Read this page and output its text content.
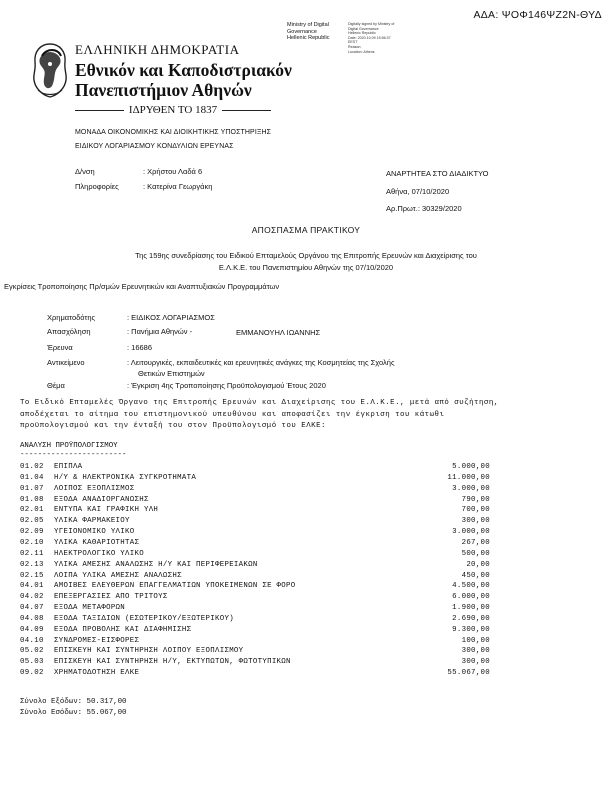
ΑΔΑ: ΨΟΦ146ΨΖ2Ν-ΘΥΔ
Ministry of Digital
Governance
Hellenic Republic
Digitally signed by Ministry of
Digital Governance
Hellenic Republic
Date: 2020.10.09 15:56:37
EEST
Reason:
Location: Athens
ΕΛΛΗΝΙΚΗ ΔΗΜΟΚΡΑΤΙΑ
Εθνικόν και Καποδιστριακόν
Πανεπιστήμιον Αθηνών
ΙΔΡΥΘΕΝ ΤΟ 1837
ΜΟΝΑΔΑ ΟΙΚΟΝΟΜΙΚΗΣ ΚΑΙ ΔΙΟΙΚΗΤΙΚΗΣ ΥΠΟΣΤΗΡΙΞΗΣ
ΕΙΔΙΚΟΥ ΛΟΓΑΡΙΑΣΜΟΥ ΚΟΝΔΥΛΙΩΝ ΕΡΕΥΝΑΣ
Δ/νση	: Χρήστου Λαδά 6
Πληροφορίες	: Κατερίνα Γεωργάκη
ΑΝΑΡΤΗΤΕΑ ΣΤΟ ΔΙΑΔΙΚΤΥΟ
Αθήνα, 07/10/2020
Αρ.Πρωτ.: 30329/2020
ΑΠΟΣΠΑΣΜΑ ΠΡΑΚΤΙΚΟΥ
Της 159ης συνεδρίασης του Ειδικού Επταμελούς Οργάνου της Επιτροπής Ερευνών και Διαχείρισης του
Ε.Λ.Κ.Ε. του Πανεπιστημίου Αθηνών της 07/10/2020
Εγκρίσεις Τροποποίησης Πρ/σμών Ερευνητικών και Αναπτυξιακών Προγραμμάτων
Χρηματοδότης	: ΕΙΔΙΚΟΣ ΛΟΓΑΡΙΑΣΜΟΣ
Απασχόληση	: Πανήμια Αθηνών -	ΕΜΜΑΝΟΥΗΛ ΙΩΑΝΝΗΣ
Έρευνα	: 16686
Αντικείμενο	: Λειτουργικές, εκπαιδευτικές και ερευνητικές ανάγκες της Κοσμητείας της Σχολής
Θετικών Επιστημών
Θέμα	: Έγκριση 4ης Τροποποίησης Προϋπολογισμού Έτους 2020
Το Ειδικό Επταμελές Όργανο της Επιτροπής Ερευνών και Διαχείρισης του Ε.Λ.Κ.Ε., μετά από συζήτηση, αποδέχεται το αίτημα του επιστημονικού υπευθύνου και αποφασίζει την έγκριση του κάτωθι προϋπολογισμού και την ένταξή του στον Προϋπολογισμό του ΕΛΚΕ:
ΑΝΑΛΥΣΗ ΠΡΟΫΠΟΛΟΓΙΣΜΟΥ
------------------------
01.02 ΕΠΙΠΛΑ	5.000,00
01.04 Η/Υ & ΗΛΕΚΤΡΟΝΙΚΑ ΣΥΓΚΡΟΤΗΜΑΤΑ	11.000,00
01.07 ΛΟΙΠΟΣ ΕΞΟΠΛΙΣΜΟΣ	3.000,00
01.08 ΕΞΟΔΑ ΑΝΑΔΙΟΡΓΑΝΩΣΗΣ	790,00
02.01 ΕΝΤΥΠΑ ΚΑΙ ΓΡΑΦΙΚΗ ΥΛΗ	700,00
02.05 ΥΛΙΚΑ ΦΑΡΜΑΚΕΙΟΥ	300,00
02.09 ΥΓΕΙΟΝΟΜΙΚΟ ΥΛΙΚΟ	3.000,00
02.10 ΥΛΙΚΑ ΚΑΘΑΡΙΟΤΗΤΑΣ	267,00
02.11 ΗΛΕΚΤΡΟΛΟΓΙΚΟ ΥΛΙΚΟ	500,00
02.13 ΥΛΙΚΑ ΑΜΕΣΗΣ ΑΝΑΛΩΣΗΣ Η/Υ ΚΑΙ ΠΕΡΙΦΕΡΕΙΑΚΩΝ	20,00
02.15 ΛΟΙΠΑ ΥΛΙΚΑ ΑΜΕΣΗΣ ΑΝΑΛΩΣΗΣ	450,00
04.01 ΑΜΟΙΒΕΣ ΕΛΕΥΘΕΡΩΝ ΕΠΑΓΓΕΛΜΑΤΙΩΝ ΥΠΟΚΕΙΜΕΝΩΝ ΣΕ ΦΟΡΟ	4.500,00
04.02 ΕΠΕΞΕΡΓΑΣΙΕΣ ΑΠΟ ΤΡΙΤΟΥΣ	6.000,00
04.07 ΕΞΟΔΑ ΜΕΤΑΦΟΡΩΝ	1.900,00
04.08 ΕΞΟΔΑ ΤΑΞΙΔΙΩΝ (ΕΣΩΤΕΡΙΚΟΥ/ΕΞΩΤΕΡΙΚΟΥ)	2.690,00
04.09 ΕΞΟΔΑ ΠΡΟΒΟΛΗΣ ΚΑΙ ΔΙΑΦΗΜΙΣΗΣ	9.300,00
04.10 ΣΥΝΔΡΟΜΕΣ-ΕΙΣΦΟΡΕΣ	100,00
05.02 ΕΠΙΣΚΕΥΗ ΚΑΙ ΣΥΝΤΗΡΗΣΗ ΛΟΙΠΟΥ ΕΞΟΠΛΙΣΜΟΥ	300,00
05.03 ΕΠΙΣΚΕΥΗ ΚΑΙ ΣΥΝΤΗΡΗΣΗ Η/Υ, ΕΚΤΥΠΩΤΩΝ, ΦΩΤΟΤΥΠΙΚΩΝ	300,00
09.02 ΧΡΗΜΑΤΟΔΟΤΗΣΗ ΕΛΚΕ	55.067,00
Σύνολο Εξόδων: 50.317,00
Σύνολο Εσόδων: 55.067,00
